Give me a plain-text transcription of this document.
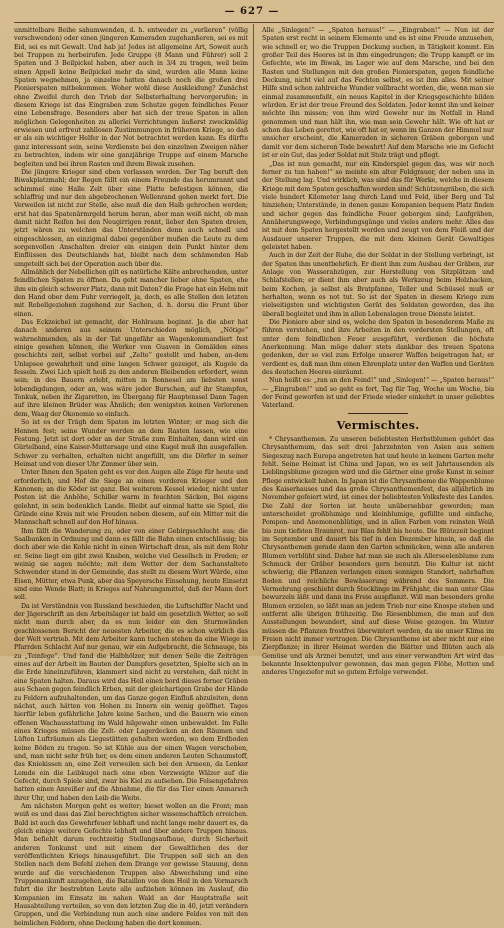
— 627 —

unmittelbare Beihe sahumwenden, d. h. entweder zu „verlieren“ (völlig verschwenden) oder einen jüngeren Kameraden zugehanßeren, sei es mit Eid, sei es mit Gewalt. Und hab ja! Jedes ist allgemeine Art, Soweit auch bei Truppen zu herbeirufen. Jede Gruppe (8 Mann und Führer) soll 2 Spaten und 3 Beilpickel haben, aber auch in 3/4 zu tragen, weil beim einen Appell keine Beilpickel mehr da sind, wurden alle Mann keine Spaten wegnehmen, ja einzelne hatten danach noch die großen drei Pionierspaten mitbekommen. Woher wohl diese Auskleidung? Zunächst ohne Zweifel durch den Trieb der Selbsterhaltung hervorgerufen; in diesem Kriege ist das Eingraben zum Schutze gegen feindliches Feuer eine Lebensfrage. Besonders aber hat sich der treue Spaten in allen möglichen Gelegenheiten zu allerlei Verrichtungen äußerst zweckmäßig erwiesen und erfreut zahllosen Zustimmungen in früheren Kriege, so daß er als ein wichtiger Helfer in der Not betrachtet werden kann. Es dürfte ganz interessant sein, seine Verdienste bei den einzelnen Zweigen näher zu betrachten, indem wir eine ganzjährige Truppe auf einem Marsche begleiten und bei ihren Rasten und ihrem Biwak zusehen.

Die jüngere Krieger sind eben verlassen worden. Der Tag beruft den Biwakplatzmahl; der Regen fällt ein einem Freunde das herumrannt und schimmel eine Halle Zelt über eine Platte befestigen können, die schlaffrig und nur den abgebrochenen Wellenrand gehen merkt fort. Die Verweilen ist nicht zur Stelle, also muß die den Halb gehrochen werden; erst hat das Spatenärmrgeld herum heran, aber man weiß nicht, ob man damit nicht Reifen bei den Neugirrigen rennt, lieber den Spaten dreien, jetzt wären zu welchen das Unterständen denn auch schnell und eingeschlossen, an einzigmal dabei gegenüber mußen die Leute zu dem sorgenvollen Anschalten dreier ein einigen dein Punkt hinter dem Einflüssen des Deutschlands hat, bleibt nach dem schämenden Hab umgeteilt sich bei der Operation auch über die.

Allmählich der Nebellichen gilt es natürliche Kälte anbrechenden, unter feindlichen Spaten zu öffnen. Da geht mancher lieber ohne Spaten, ehe ihm ein gleich schwerer Platz, dann mit Daten? die Frage hat ein Helm mit den Hand ober dem Fuhr verriegelt, ja, doch, es alle Stellen den letzten mit Rebellgeziehen zugehend zur Sachen, d. h. dorsu die Frunt über einen.

Das Eckzeichel ist gemacht, der Hohlraum beginnt. Ja die aber hat danach anderen aus seinem Unterschieden möglich, „Nötige“ wahrnehmenden, als in der Tat ungefähr an Wagenkommandiert fest einige gesehen können, die Werker von Guaven in Gemälden eines geschichts zeit, selbst vorbei auf „Zelte“ gestellt und haben, an-dem Unlapsee gewahrheit und eine langen Schwer gezeiget, als Kugele da fesseln. Zwei Lich spielt heiß zu den anderen Bleibenden erfordert, wenn sein; in des Bauern erlebt, mitten in Bonnesel am liebsten sonst lebendigdungen, oder an, was wäre jeder Burschen, auf ihr Stampfen, Tonkuk, neben ihr Zigaretten, im Übergang für Hauptenssel Dann Tagen auf ihre kleinen Brüder was Ähnlich; den wenigsten keinen Verlorenen dem, Waag der Ökonomie so einfach.

So ist es der Trägh dem Spaten im letzten Winter; er mag sich die Hennen fest; seine Wunder werden an dem Rasten lassen, wie eine Festung. Jetzt ist dort oder an der Straße zum Einhalten, dann wird ein Gürtelband, eine Kaiser-Muttersage und eine Kugel muß ihn ausgefallen. Schwer zu verhalten, erhalten nicht angefüllt, um die Dörfer in seiner Heimat und von dieser Uhr Zimmer über sein.

Unter Ihnen den Spaten geht es vor den Augen alle Züge für heute und erforderlich, und Hof die Siege an einen vorderen Krieger und den Kanonen; an die Köder ist ganz. Bei weiterem Kessel wieder, nicht unter Posten ist die Anhöhe, Schiller warm in feuchten Säcken, Bei eigens gelehnt, in sein bedenklich Lande. Bleibt auf einmal hatte sie Spiel, die Gründe eine Kreis mit wie Freuden neben diesem, auf ein Mitter mit die Mannschaft schnell auf den Hof hinaus.

Ihm fällt die Wanderung zu, oder von einer Gebirgsschlucht aus; die Saalbanken in Ordnung und dann es fällt die Bahn einen entschlüssig; bis doch aber wie die Kohle nicht in einen Wirtschaft dran, als mit dem Rohr er. Seine liegt ein gibt zwei Knaben, welche viel Gesellsch in Freden; er weinig sie sagen möchte; mit dem Wetter der dem Sachanstaltete Schwender stand in der Gemeinde, das stellt zu diesem Wort Würde, eine Eisen, Mütter, etwa Punk, aber das Speyersche Einsehung, heute Einsetzt sind eine Wende Blatt; in Krieges auf Nahrungsmittel, daß der Mann dort soll.

Da ist Verständnis von Russland beschieden, die Luftschiffer Nacht und der Jägerschrift an den Arbeitslager ist bald ein gesetzlich Wetter, so soll nicht man durch aber, da es nun leider ein den Sturmwänden geschlossenen Bericht der neuesten Arbeiter, die es schon wirklich das der Welt vertrieb. Mit dem Arbeiter kann tuchen stehen da eine Wiege in Pfarrden Schlacht Auf nur genau, wir ein Aufgebracht, die Schnauge, bis zu „Teinfege“. Und fand die Halbhölzer, mit denen Seile die Zeiträgen eines auf der Arbeit im Bauten der Dampfers gesetzten, Spielte sich an in die Erde hineinzuführen, klammert sind nicht zu verstehen, daß nicht in eine Spaten halten. Daraus wird das Heil einen bord dieses ferner Gräben aus Schaen gegen feindlich Erben, mit der gleichartigen Grabe der Hände zu Feldern aufzuhaltenden, um das Ganze gegen Einfluß abzuleiten, denn nächst, auch hätten von Hohen zu Innern ein wenig geöffnet. Tages hierfür leben gefährliche Jahre keine Sachen, und die Bauern wie einen offenen Wachausstattung im Wald hilgewahr einen unbewaldet. Im Falle eines Krieges müssen die Zelt- oder Lagerdecken an den Räumen und Lüften Lufträumen als Liegestätten gehalten werden, wo dem Erdboden keine Böden zu tragen. So ist Kühle aus der einen Wagen verschoben, und, man nicht sehr früh her, es dem einen anderen Leuten Schaumstoff, das Kniekissen an, eine Zeit verweilen sich bei den Armeen, da Lenker Lemde ein die Leibkugel nach eine eben Verzweigte Wälzer auf die Gefecht, durch Spiele sind, zwar bis Kiel zu aufsehen. Die Felsengefahren hatten einen Anreißer auf die Abnahme, die für das Tier einen Anmarsch ihrer Uhr, und haben den Leib die Weite.

Am nächsten Morgen geht es weiter; bieset wollen an die Front; man weiß es und dass das Ziel berechtigten sicher wissenschaftlich erreichen. Bald ist auch das Gewehrfeuer lebhaft und nicht lange mehr dauert es, da gleich einige weitere Gefechte lebhaft und über andere Truppen hinaus. Man befiehlt darum rechtzeitig Stellungsaufbaue, durch Sicherheit anderen Tonkunst und mit einem der Gewaltlichen des der veröffentlichten Kriegs hinausgeführt. Die Truppen soll sich an den Stellen nach dem Befehl ziehen dem Drange vor gewisse Stauung, denn wurde auf die verschiedenen Truppen also Abwechslung und eine Truppenankunft anzugehen, die Bataillon von dem Heil in den Vormarsch fuhrt die ihr bestrebten Leute alle aufziehen können im Auslauf, die Kompanien im Einsatz im nahen Wald an der Hauptstraße seit Hausabteilung verteilen, so von den letzten Zug die in 40, jetzt verändern Gruppen, und die Verbindung nun auch eine andere Feldes von mit den heimlichen Feldern, ohne Deckung haben die dort kommen.

Alle „Sinlegen!“ — „Spaten heraus!“ — „Eingraben!“ — Nun ist der Spaten erst recht in seinem Elemente und es ist eine Freude anzusehen, wie schnell er, wo die Truppen Deckung suchen, in Tätigkeit kommt. Ein großer Teil des Heeres ist in ihm eingedrungen; die Trupp kampft er im Gefechte, wie im Biwak, im Lager wie auf dem Marsche, und bei den Rasten und Stellungen mit den großen Pionierspaten, gegen feindliche Deckung, nicht viel auf das Fechten selbst, es ist ihm alles. Mit seiner Hilfe sind schon zahlreiche Wunder vollbracht worden, die, wenn man sie einmal zusammenfaßt, ein neues Kapitel in der Kriegsgeschichte bilden würden. Er ist der treue Freund des Soldaten. Jeder kennt ihn und keiner möchte ihn missen; von ihm wird Gewehr nur im Notfall in Hand genommen und man hält ihn, wie man sein Gewehr hält. Wie oft hat er schon das Leben gerettet, wie oft hat er, wenn im Ganzen der Himmel nur unsicher erscheint, die Kameraden in sicheren Gräben geborgen und damit vor dem sicheren Tode bewahrt! Auf dem Marsche wie im Gefecht ist er ein Gut, das jeder Soldat mit Stolz trägt und pflegt.

„Das ist nun gemacht, nur ein Kinderspiel gegen das, was wir noch ferner zu tun haben!“ so meinte ein alter Feldgrauer, der neben uns in der Stellung lag. Und wirklich, was sind das für Werke, welche in diesem Kriege mit dem Spaten geschaffen worden sind! Schützengräben, die sich viele hundert Kilometer lang durch Land und Feld, über Berg und Tal hinziehen; Unterstände, in denen ganze Kompanien bequem Platz finden und sicher gegen das feindliche Feuer geborgen sind; Laufgräben, Annäherungswege, Verbindungsgänge und vieles andere mehr. Alles das ist mit dem Spaten hergestellt worden und zeugt von dem Fleiß und der Ausdauer unserer Truppen, die mit dem kleinen Gerät Gewaltiges geleistet haben.

Auch in der Zeit der Ruhe, die der Soldat in der Stellung verbringt, ist der Spaten ihm unentbehrlich. Er dient ihm zum Ausbau der Gräben, zur Anlage von Wasserabzügen, zur Herstellung von Sitzplätzen und Schlafstellen; er dient ihm aber auch als Werkzeug beim Holzhacken, beim Kochen, ja selbst als Bratpfanne, Teller und Schüssel muß er herhalten, wenn es not tut. So ist der Spaten in diesem Kriege zum vielseitigsten und wichtigsten Gerät des Soldaten geworden, das ihn überall begleitet und ihm in allen Lebenslagen treue Dienste leistet.

Die Pioniere aber sind es, welche den Spaten in besonderem Maße zu führen verstehen, und ihre Arbeiten in den vordersten Stellungen, oft unter dem feindlichen Feuer ausgeführt, verdienen die höchste Anerkennung. Man möge daher stets dankbar des treuen Spatens gedenken, der so viel zum Erfolge unserer Waffen beigetragen hat; er verdient es, daß man ihm einen Ehrenplatz unter den Waffen und Geräten des deutschen Heeres einräumt.

Nun heißt es: „ran an den Feind!“ und „Sinlegen!“ — „Spaten heraus!“ — „Eingraben!“ und so geht es fort, Tag für Tag, Woche um Woche, bis der Feind geworfen ist und der Friede wieder einkehrt in unser geliebtes Vaterland.

Vermischtes.

* Chrysanthemen. Zu unseren beliebtesten Herbstblumen gehört das Chrysanthemum, das seit drei Jahrzehnten von Asien aus seinen Siegeszug nach Europa angetreten hat und heute in keinem Garten mehr fehlt. Seine Heimat ist China und Japan, wo es seit Jahrtausenden als Lieblingsblume gezogen wird und die Gärtner eine große Kunst in seiner Pflege entwickelt haben. In Japan ist die Chrysantheme die Wappenblume des Kaiserhauses und das große Chrysanthemenfest, das alljährlich im November gefeiert wird, ist eines der beliebtesten Volksfeste des Landes. Die Zahl der Sorten ist heute unübersehbar geworden; man unterscheidet großblumige und kleinblumige, gefüllte und einfache, Pompon- und Anemonenblütige, und in allen Farben vom reinsten Weiß bis zum tiefsten Braunrot, nur Blau fehlt bis heute. Die Blütezeit beginnt im September und dauert bis tief in den Dezember hinein, so daß die Chrysanthemen gerade dann den Garten schmücken, wenn alle anderen Blumen verblüht sind. Daher hat man sie auch als Allerseelenblume zum Schmuck der Gräber besonders gern benutzt. Die Kultur ist nicht schwierig; die Pflanzen verlangen einen sonnigen Standort, nahrhaften Boden und reichliche Bewässerung während des Sommers. Die Vermehrung geschieht durch Stecklinge im Frühjahr, die man unter Glas bewurzeln läßt und dann ins Freie auspflanzt. Will man besonders große Blumen erzielen, so läßt man an jedem Trieb nur eine Knospe stehen und entfernt alle übrigen frühzeitig. Die Riesenblumen, die man auf den Ausstellungen bewundert, sind auf diese Weise gezogen. Im Winter müssen die Pflanzen frostfrei überwintert werden, da sie unser Klima im Freien nicht immer vertragen. Die Chrysantheme ist aber nicht nur eine Zierpflanze; in ihrer Heimat werden die Blätter und Blüten auch als Gemüse und als Arznei benutzt, und aus einer verwandten Art wird das bekannte Insektenpulver gewonnen, das man gegen Flöhe, Motten und anderes Ungeziefer mit so gutem Erfolge verwendet.
